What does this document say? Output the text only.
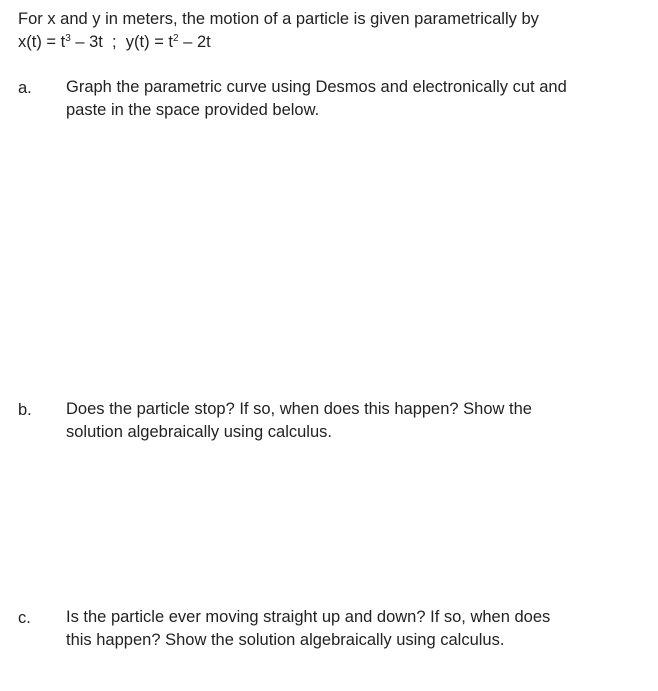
For x and y in meters, the motion of a particle is given parametrically by
$x(t) = t^3 - 3t$  ;  $y(t) = t^2 - 2t$
a. Graph the parametric curve using Desmos and electronically cut and
paste in the space provided below.
b. Does the particle stop? If so, when does this happen? Show the
solution algebraically using calculus.
c. Is the particle ever moving straight up and down? If so, when does
this happen? Show the solution algebraically using calculus.
